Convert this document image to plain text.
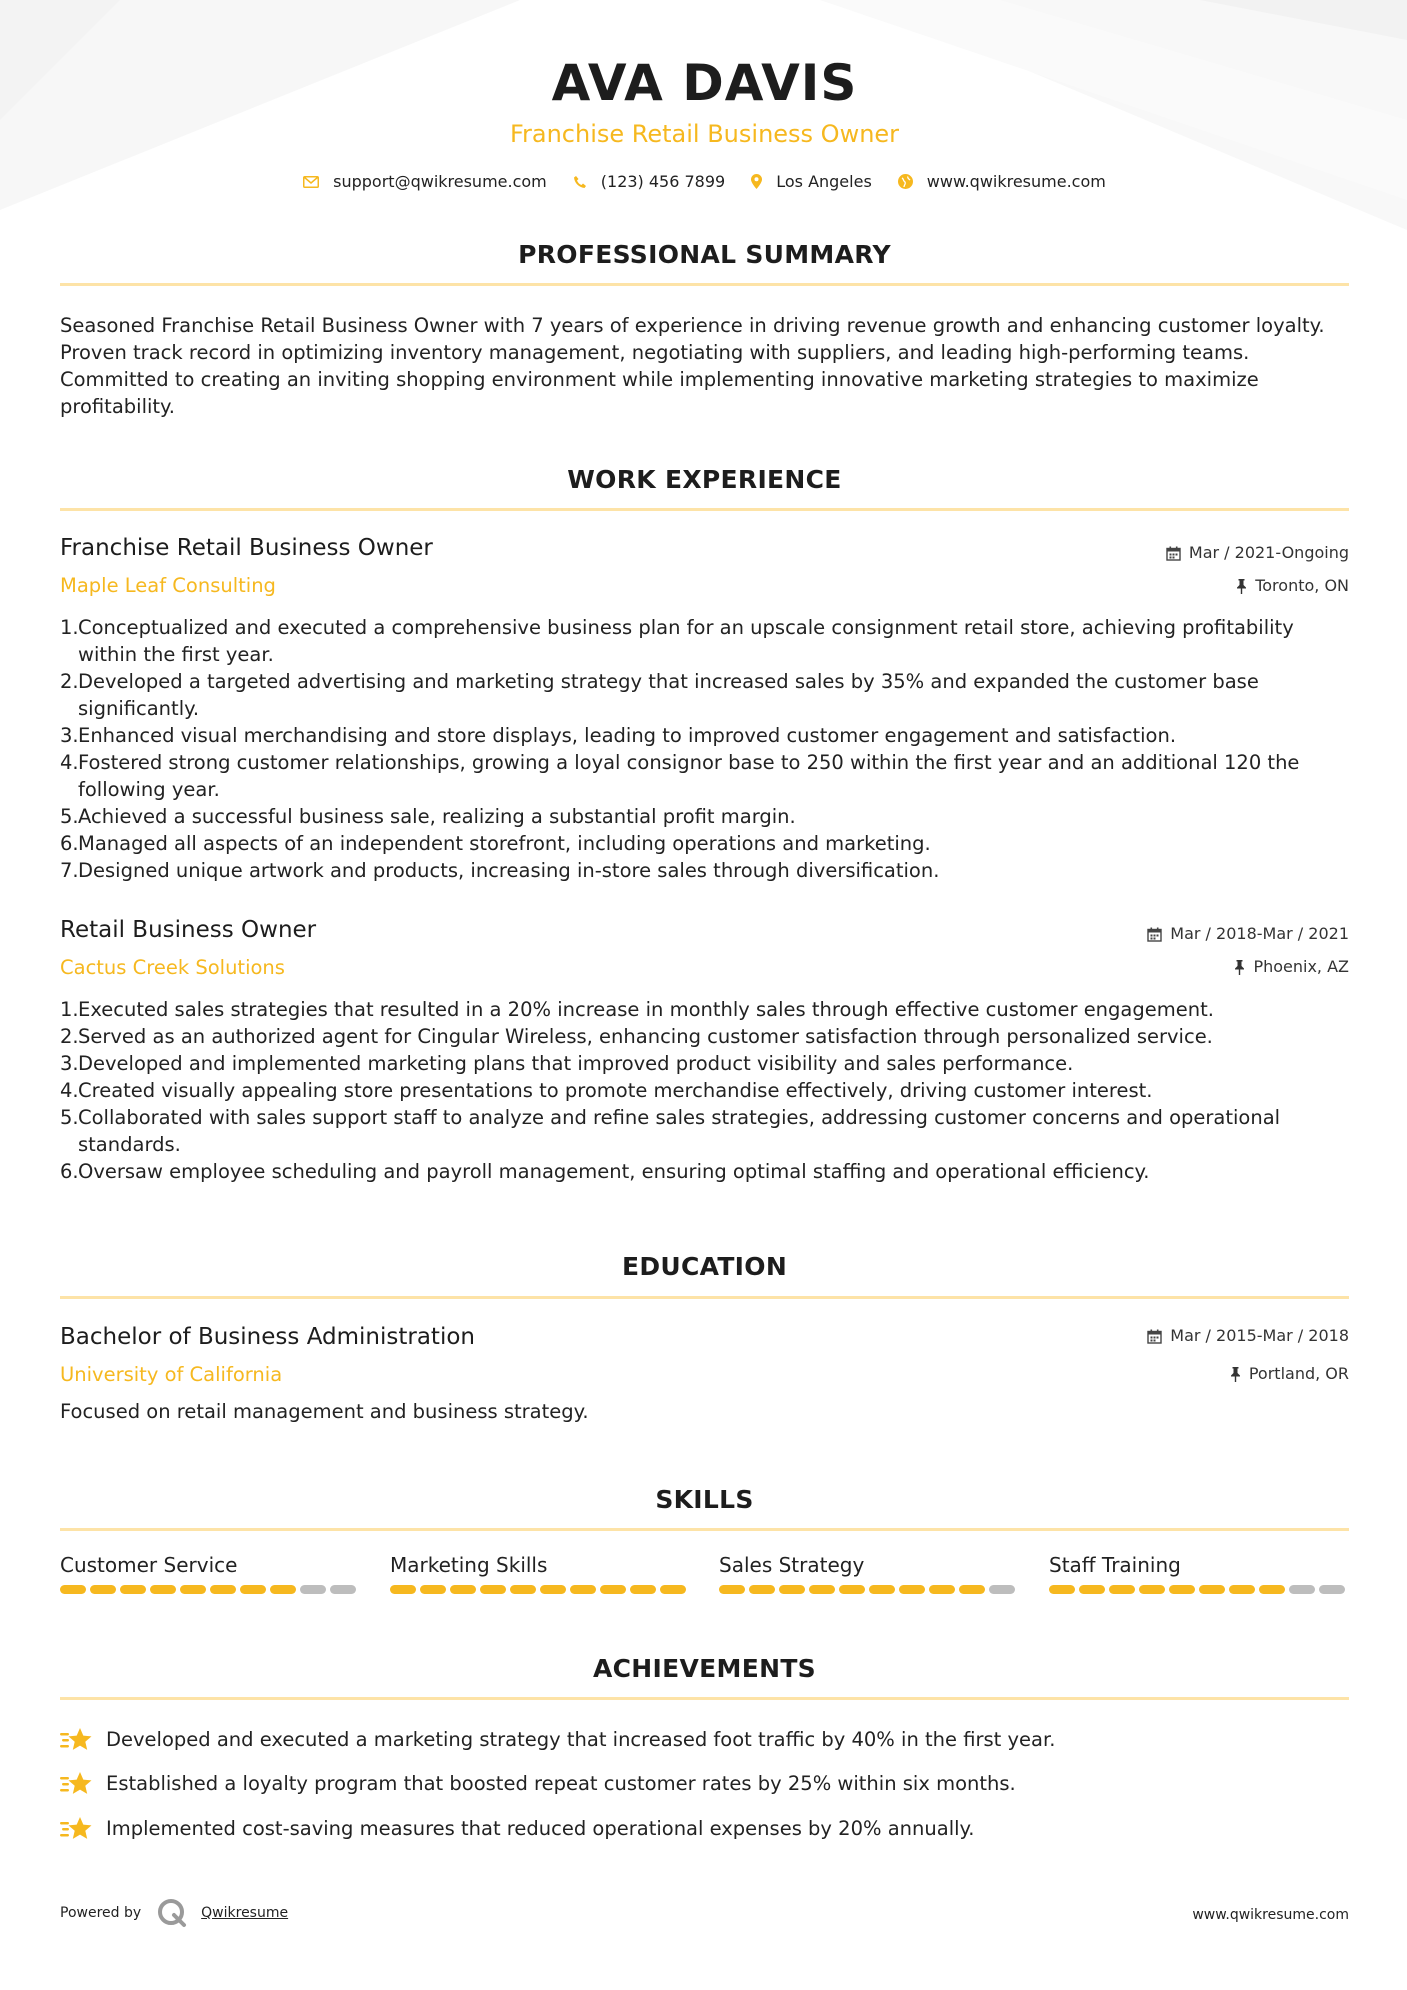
AVA DAVIS
Franchise Retail Business Owner
support@qwikresume.com	(123) 456 7899	Los Angeles	www.qwikresume.com
PROFESSIONAL SUMMARY
Seasoned Franchise Retail Business Owner with 7 years of experience in driving revenue growth and enhancing customer loyalty. Proven track record in optimizing inventory management, negotiating with suppliers, and leading high-performing teams. Committed to creating an inviting shopping environment while implementing innovative marketing strategies to maximize profitability.
WORK EXPERIENCE
Franchise Retail Business Owner
Maple Leaf Consulting
Mar / 2021-Ongoing
Toronto, ON
1. Conceptualized and executed a comprehensive business plan for an upscale consignment retail store, achieving profitability within the first year.
2. Developed a targeted advertising and marketing strategy that increased sales by 35% and expanded the customer base significantly.
3. Enhanced visual merchandising and store displays, leading to improved customer engagement and satisfaction.
4. Fostered strong customer relationships, growing a loyal consignor base to 250 within the first year and an additional 120 the following year.
5. Achieved a successful business sale, realizing a substantial profit margin.
6. Managed all aspects of an independent storefront, including operations and marketing.
7. Designed unique artwork and products, increasing in-store sales through diversification.
Retail Business Owner
Cactus Creek Solutions
Mar / 2018-Mar / 2021
Phoenix, AZ
1. Executed sales strategies that resulted in a 20% increase in monthly sales through effective customer engagement.
2. Served as an authorized agent for Cingular Wireless, enhancing customer satisfaction through personalized service.
3. Developed and implemented marketing plans that improved product visibility and sales performance.
4. Created visually appealing store presentations to promote merchandise effectively, driving customer interest.
5. Collaborated with sales support staff to analyze and refine sales strategies, addressing customer concerns and operational standards.
6. Oversaw employee scheduling and payroll management, ensuring optimal staffing and operational efficiency.
EDUCATION
Bachelor of Business Administration
University of California
Mar / 2015-Mar / 2018
Portland, OR
Focused on retail management and business strategy.
SKILLS
Customer Service	Marketing Skills	Sales Strategy	Staff Training
ACHIEVEMENTS
Developed and executed a marketing strategy that increased foot traffic by 40% in the first year.
Established a loyalty program that boosted repeat customer rates by 25% within six months.
Implemented cost-saving measures that reduced operational expenses by 20% annually.
Powered by	Qwikresume	www.qwikresume.com
